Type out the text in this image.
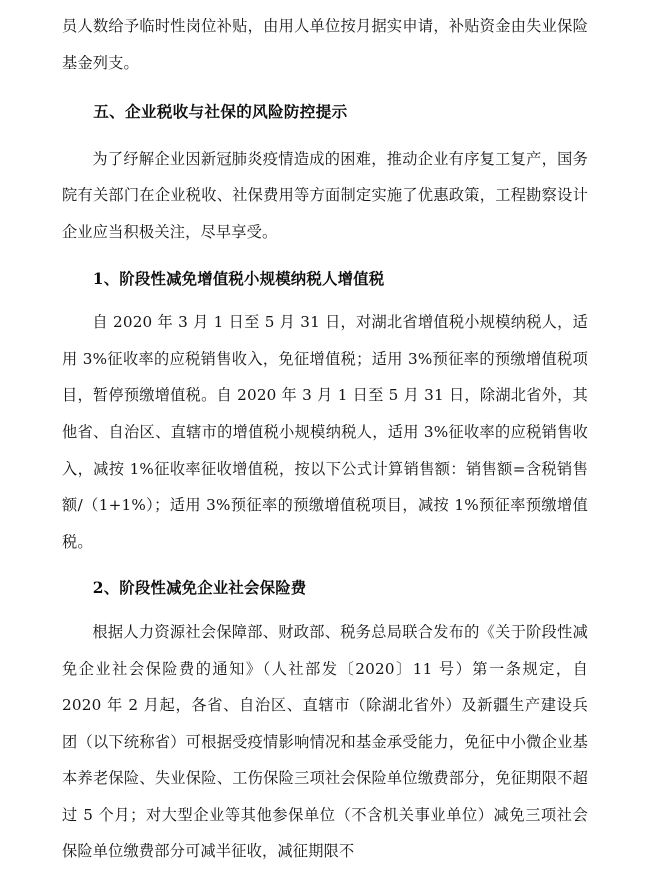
员人数给予临时性岗位补贴，由用人单位按月据实申请，补贴资金由失业保险基金列支。

五、企业税收与社保的风险防控提示

为了纾解企业因新冠肺炎疫情造成的困难，推动企业有序复工复产，国务院有关部门在企业税收、社保费用等方面制定实施了优惠政策，工程勘察设计企业应当积极关注，尽早享受。

1、阶段性减免增值税小规模纳税人增值税

自 2020 年 3 月 1 日至 5 月 31 日，对湖北省增值税小规模纳税人，适用 3%征收率的应税销售收入，免征增值税；适用 3%预征率的预缴增值税项目，暂停预缴增值税。自 2020 年 3 月 1 日至 5 月 31 日，除湖北省外，其他省、自治区、直辖市的增值税小规模纳税人，适用 3%征收率的应税销售收入，减按 1%征收率征收增值税，按以下公式计算销售额：销售额=含税销售额/（1+1%）；适用 3%预征率的预缴增值税项目，减按 1%预征率预缴增值税。

2、阶段性减免企业社会保险费

根据人力资源社会保障部、财政部、税务总局联合发布的《关于阶段性减免企业社会保险费的通知》（人社部发〔2020〕11 号）第一条规定，自 2020 年 2 月起，各省、自治区、直辖市（除湖北省外）及新疆生产建设兵团（以下统称省）可根据受疫情影响情况和基金承受能力，免征中小微企业基本养老保险、失业保险、工伤保险三项社会保险单位缴费部分，免征期限不超过 5 个月；对大型企业等其他参保单位（不含机关事业单位）减免三项社会保险单位缴费部分可减半征收，减征期限不
